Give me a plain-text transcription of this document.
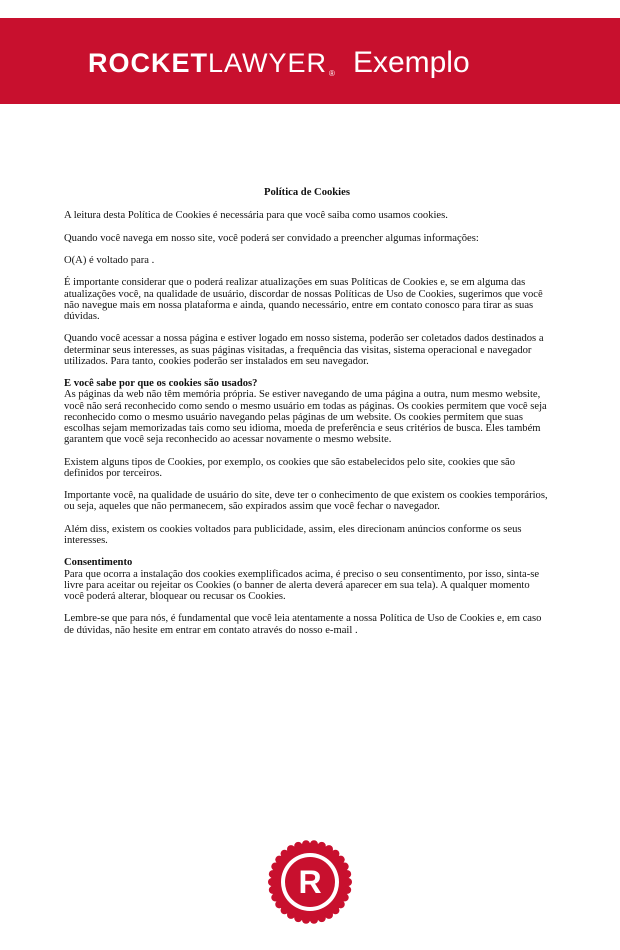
ROCKET LAWYER ® Exemplo
Política de Cookies

A leitura desta Política de Cookies é necessária para que você saiba como usamos cookies.

Quando você navega em nosso site, você poderá ser convidado a preencher algumas informações:

O(A) é voltado para .

É importante considerar que o poderá realizar atualizações em suas Políticas de Cookies e, se em alguma das atualizações você, na qualidade de usuário, discordar de nossas Políticas de Uso de Cookies, sugerimos que você não navegue mais em nossa plataforma e ainda, quando necessário, entre em contato conosco para tirar as suas dúvidas.

Quando você acessar a nossa página e estiver logado em nosso sistema, poderão ser coletados dados destinados a determinar seus interesses, as suas páginas visitadas, a frequência das visitas, sistema operacional e navegador utilizados. Para tanto, cookies poderão ser instalados em seu navegador.

E você sabe por que os cookies são usados?
As páginas da web não têm memória própria. Se estiver navegando de uma página a outra, num mesmo website, você não será reconhecido como sendo o mesmo usuário em todas as páginas. Os cookies permitem que você seja reconhecido como o mesmo usuário navegando pelas páginas de um website. Os cookies permitem que suas escolhas sejam memorizadas tais como seu idioma, moeda de preferência e seus critérios de busca. Eles também garantem que você seja reconhecido ao acessar novamente o mesmo website.

Existem alguns tipos de Cookies, por exemplo, os cookies que são estabelecidos pelo site, cookies que são definidos por terceiros.

Importante você, na qualidade de usuário do site, deve ter o conhecimento de que existem os cookies temporários, ou seja, aqueles que não permanecem, são expirados assim que você fechar o navegador.

Além diss, existem os cookies voltados para publicidade, assim, eles direcionam anúncios conforme os seus interesses.

Consentimento
Para que ocorra a instalação dos cookies exemplificados acima, é preciso o seu consentimento, por isso, sinta-se livre para aceitar ou rejeitar os Cookies (o banner de alerta deverá aparecer em sua tela). A qualquer momento você poderá alterar, bloquear ou recusar os Cookies.

Lembre-se que para nós, é fundamental que você leia atentamente a nossa Política de Uso de Cookies e, em caso de dúvidas, não hesite em entrar em contato através do nosso e-mail .

R
